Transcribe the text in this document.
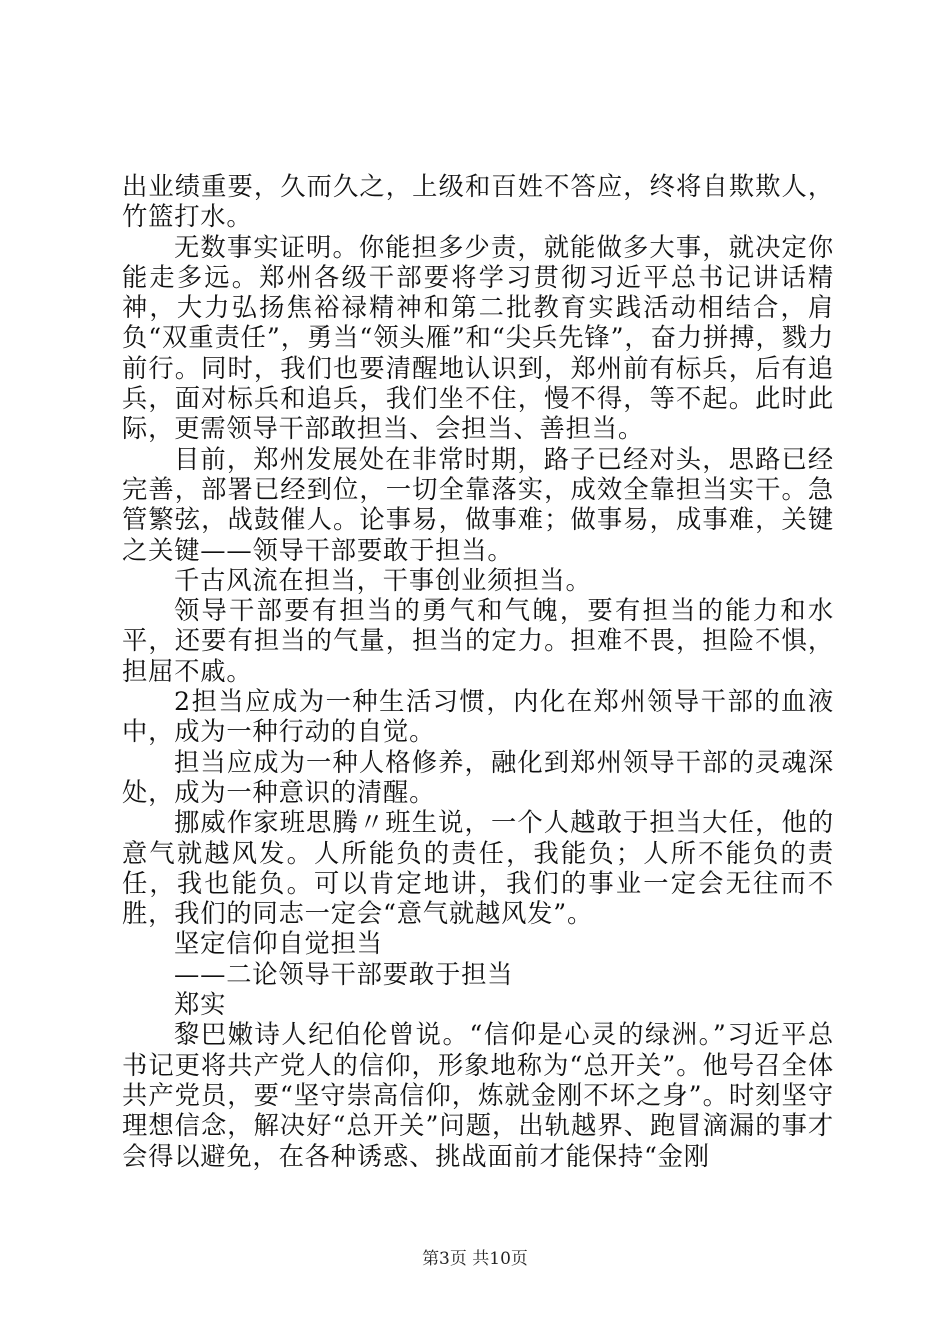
出业绩重要，久而久之，上级和百姓不答应，终将自欺欺人，竹篮打水。

无数事实证明。你能担多少责，就能做多大事，就决定你能走多远。郑州各级干部要将学习贯彻习近平总书记讲话精神，大力弘扬焦裕禄精神和第二批教育实践活动相结合，肩负“双重责任”，勇当“领头雁”和“尖兵先锋”，奋力拼搏，戮力前行。同时，我们也要清醒地认识到，郑州前有标兵，后有追兵，面对标兵和追兵，我们坐不住，慢不得，等不起。此时此际，更需领导干部敢担当、会担当、善担当。

目前，郑州发展处在非常时期，路子已经对头，思路已经完善，部署已经到位，一切全靠落实，成效全靠担当实干。急管繁弦，战鼓催人。论事易，做事难；做事易，成事难，关键之关键——领导干部要敢于担当。

千古风流在担当，干事创业须担当。

领导干部要有担当的勇气和气魄，要有担当的能力和水平，还要有担当的气量，担当的定力。担难不畏，担险不惧，担屈不戚。

2担当应成为一种生活习惯，内化在郑州领导干部的血液中，成为一种行动的自觉。

担当应成为一种人格修养，融化到郑州领导干部的灵魂深处，成为一种意识的清醒。

挪威作家班思腾〃班生说，一个人越敢于担当大任，他的意气就越风发。人所能负的责任，我能负；人所不能负的责任，我也能负。可以肯定地讲，我们的事业一定会无往而不胜，我们的同志一定会“意气就越风发”。

坚定信仰自觉担当

——二论领导干部要敢于担当

郑实

黎巴嫩诗人纪伯伦曾说。“信仰是心灵的绿洲。”习近平总书记更将共产党人的信仰，形象地称为“总开关”。他号召全体共产党员，要“坚守崇高信仰，炼就金刚不坏之身”。时刻坚守理想信念，解决好“总开关”问题，出轨越界、跑冒滴漏的事才会得以避免，在各种诱惑、挑战面前才能保持“金刚

第3页 共10页
